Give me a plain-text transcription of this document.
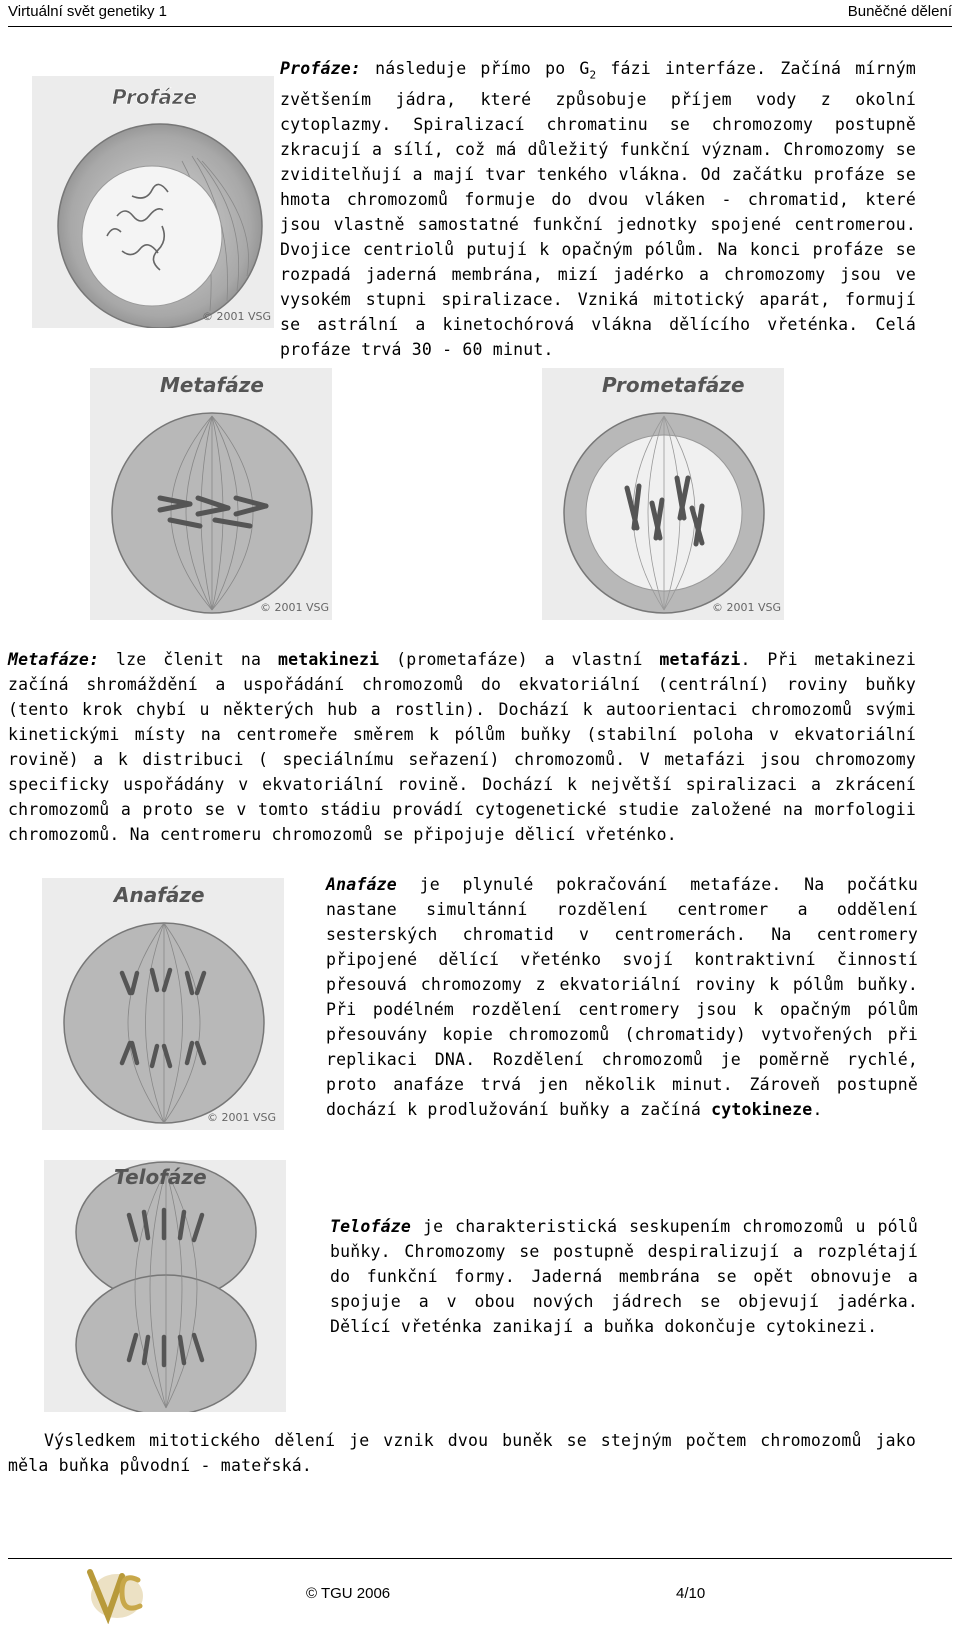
Virtuální svět genetiky 1	Buněčné dělení
Profáze
© 2001 VSG

Profáze: následuje přímo po $G_2$ fázi interfáze. Začíná mírným zvětšením jádra, které způsobuje příjem vody z okolní cytoplazmy. Spiralizací chromatinu se chromozomy postupně zkracují a sílí, což má důležitý funkční význam. Chromozomy se zviditelňují a mají tvar tenkého vlákna. Od začátku profáze se hmota chromozomů formuje do dvou vláken - chromatid, které jsou vlastně samostatné funkční jednotky spojené centromerou. Dvojice centriolů putují k opačným pólům. Na konci profáze se rozpadá jaderná membrána, mizí jadérko a chromozomy jsou ve vysokém stupni spiralizace. Vzniká mitotický aparát, formují se astrální a kinetochórová vlákna dělícího vřeténka. Celá profáze trvá 30 - 60 minut.

Metafáze
© 2001 VSG
Prometafáze
© 2001 VSG

Metafáze: lze členit na metakinezi (prometafáze) a vlastní metafázi. Při metakinezi začíná shromáždění a uspořádání chromozomů do ekvatoriální (centrální) roviny buňky (tento krok chybí u některých hub a rostlin). Dochází k autoorientaci chromozomů svými kinetickými místy na centromeře směrem k pólům buňky (stabilní poloha v ekvatoriální rovině) a k distribuci ( speciálnímu seřazení) chromozomů. V metafázi jsou chromozomy specificky uspořádány v ekvatoriální rovině. Dochází k největší spiralizaci a zkrácení chromozomů a proto se v tomto stádiu provádí cytogenetické studie založené na morfologii chromozomů. Na centromeru chromozomů se připojuje dělicí vřeténko.

Anafáze
© 2001 VSG

Anafáze je plynulé pokračování metafáze. Na počátku nastane simultánní rozdělení centromer a oddělení sesterských chromatid v centromerách. Na centromery připojené dělící vřeténko svojí kontraktivní činností přesouvá chromozomy z ekvatoriální roviny k pólům buňky. Při podélném rozdělení centromery jsou k opačným pólům přesouvány kopie chromozomů (chromatidy) vytvořených při replikaci DNA. Rozdělení chromozomů je poměrně rychlé, proto anafáze trvá jen několik minut. Zároveň postupně dochází k prodlužování buňky a začíná cytokineze.

Telofáze

Telofáze je charakteristická seskupením chromozomů u pólů buňky. Chromozomy se postupně despiralizují a rozplétají do funkční formy. Jaderná membrána se opět obnovuje a spojuje a v obou nových jádrech se objevují jadérka. Dělící vřeténka zanikají a buňka dokončuje cytokinezi.

Výsledkem mitotického dělení je vznik dvou buněk se stejným počtem chromozomů jako měla buňka původní - mateřská.

© TGU 2006	4/10
